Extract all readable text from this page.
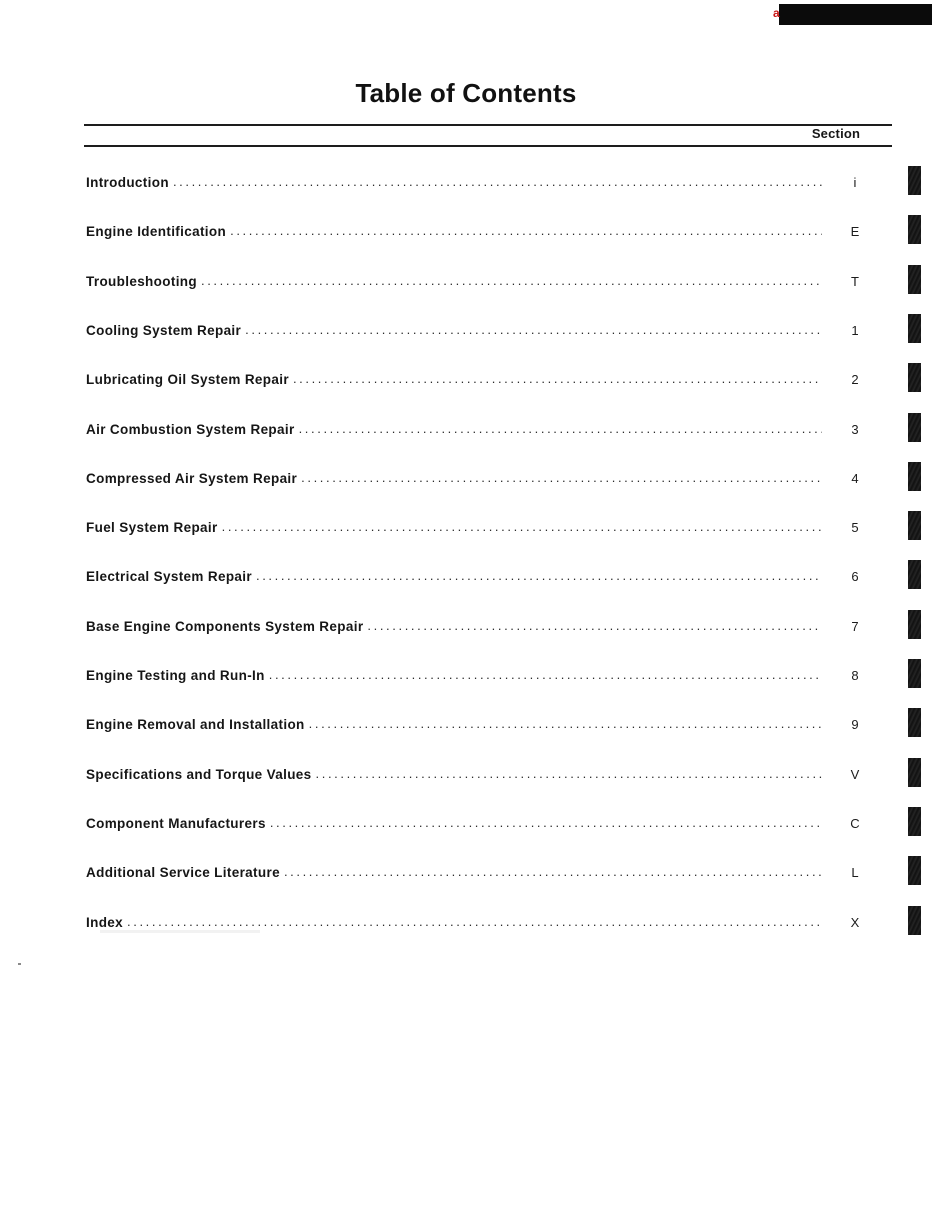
a
Table of Contents
Section
Introduction .....	i
Engine Identification .....	E
Troubleshooting .....	T
Cooling System Repair .....	1
Lubricating Oil System Repair .....	2
Air Combustion System Repair .....	3
Compressed Air System Repair .....	4
Fuel System Repair .....	5
Electrical System Repair .....	6
Base Engine Components System Repair .....	7
Engine Testing and Run-In .....	8
Engine Removal and Installation .....	9
Specifications and Torque Values .....	V
Component Manufacturers .....	C
Additional Service Literature .....	L
Index .....	X
